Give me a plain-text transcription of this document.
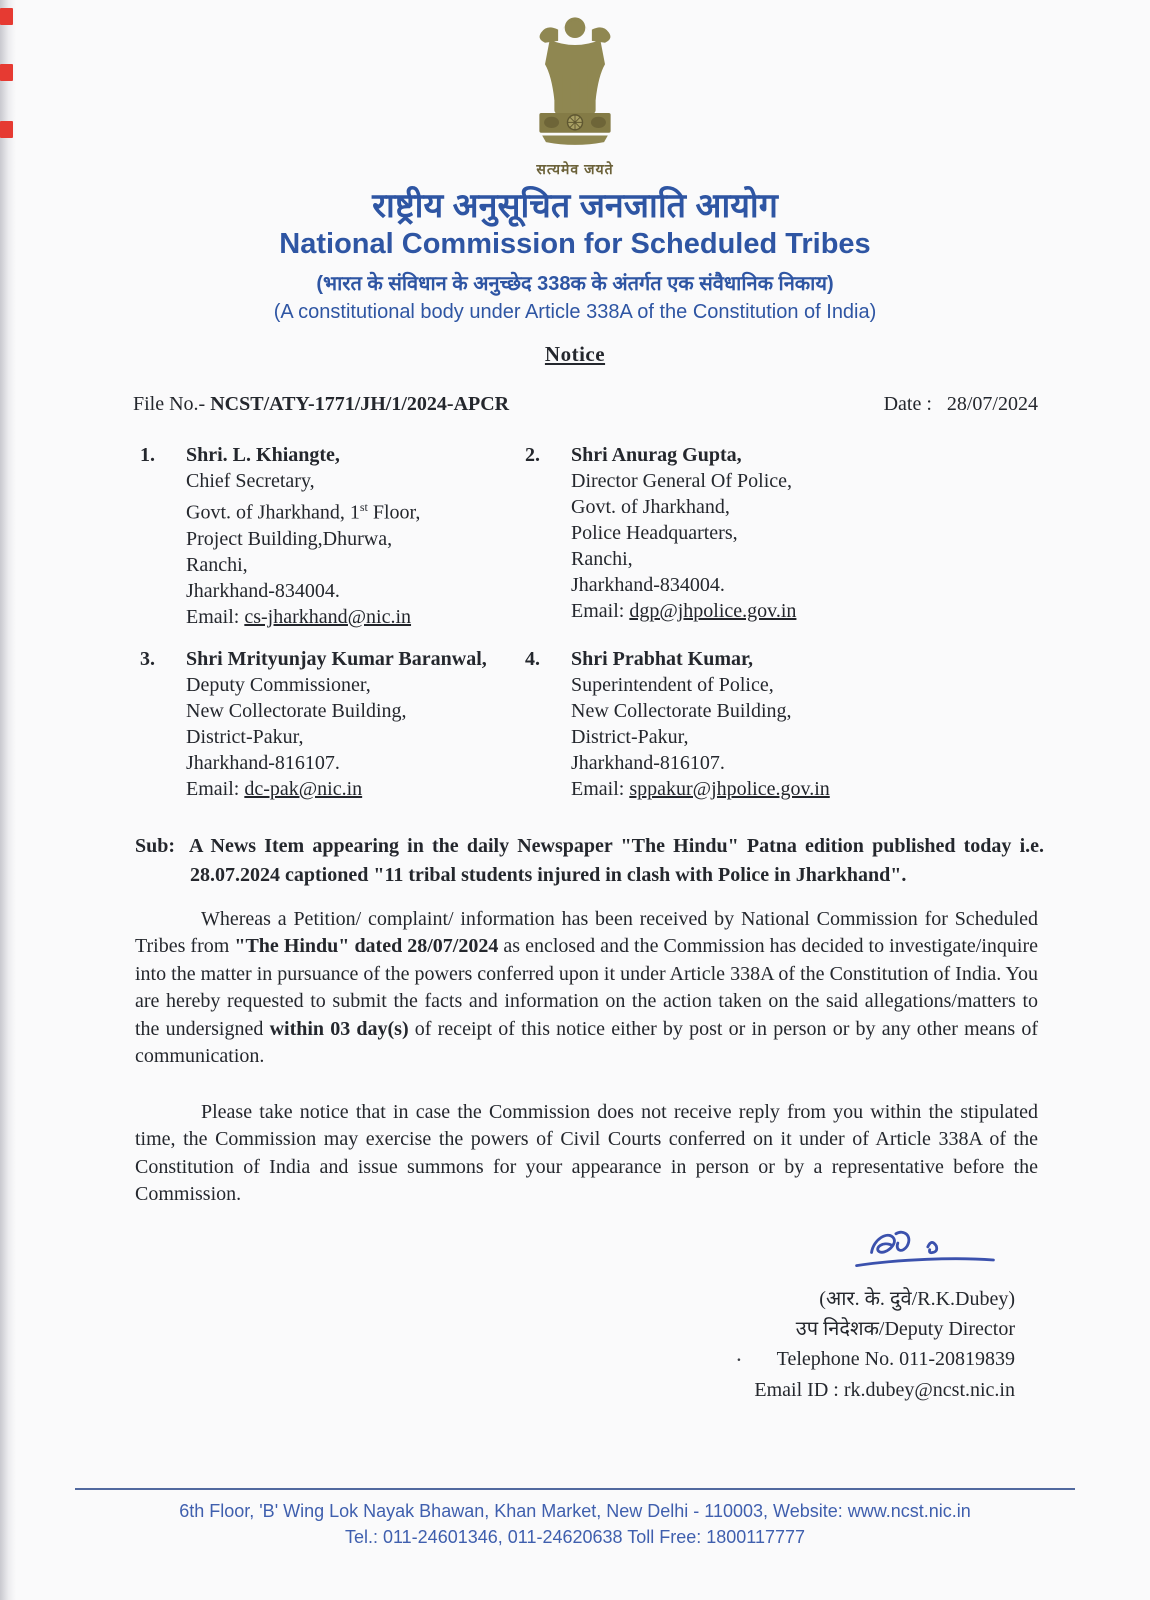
सत्यमेव जयते
राष्ट्रीय अनुसूचित जनजाति आयोग
National Commission for Scheduled Tribes
(भारत के संविधान के अनुच्छेद 338क के अंतर्गत एक संवैधानिक निकाय)
(A constitutional body under Article 338A of the Constitution of India)
Notice
File No.- NCST/ATY-1771/JH/1/2024-APCR	Date : 28/07/2024
1.	Shri. L. Khiangte,
Chief Secretary,
Govt. of Jharkhand, 1st Floor,
Project Building,Dhurwa,
Ranchi,
Jharkhand-834004.
Email: cs-jharkhand@nic.in
2.	Shri Anurag Gupta,
Director General Of Police,
Govt. of Jharkhand,
Police Headquarters,
Ranchi,
Jharkhand-834004.
Email: dgp@jhpolice.gov.in
3.	Shri Mrityunjay Kumar Baranwal,
Deputy Commissioner,
New Collectorate Building,
District-Pakur,
Jharkhand-816107.
Email: dc-pak@nic.in
4.	Shri Prabhat Kumar,
Superintendent of Police,
New Collectorate Building,
District-Pakur,
Jharkhand-816107.
Email: sppakur@jhpolice.gov.in
Sub: A News Item appearing in the daily Newspaper "The Hindu" Patna edition published today i.e. 28.07.2024 captioned "11 tribal students injured in clash with Police in Jharkhand".
Whereas a Petition/ complaint/ information has been received by National Commission for Scheduled Tribes from "The Hindu" dated 28/07/2024 as enclosed and the Commission has decided to investigate/inquire into the matter in pursuance of the powers conferred upon it under Article 338A of the Constitution of India. You are hereby requested to submit the facts and information on the action taken on the said allegations/matters to the undersigned within 03 day(s) of receipt of this notice either by post or in person or by any other means of communication.
Please take notice that in case the Commission does not receive reply from you within the stipulated time, the Commission may exercise the powers of Civil Courts conferred on it under of Article 338A of the Constitution of India and issue summons for your appearance in person or by a representative before the Commission.
(आर. के. दुवे/R.K.Dubey)
उप निदेशक/Deputy Director
· Telephone No. 011-20819839
Email ID : rk.dubey@ncst.nic.in
6th Floor, 'B' Wing Lok Nayak Bhawan, Khan Market, New Delhi - 110003, Website: www.ncst.nic.in
Tel.: 011-24601346, 011-24620638 Toll Free: 1800117777
